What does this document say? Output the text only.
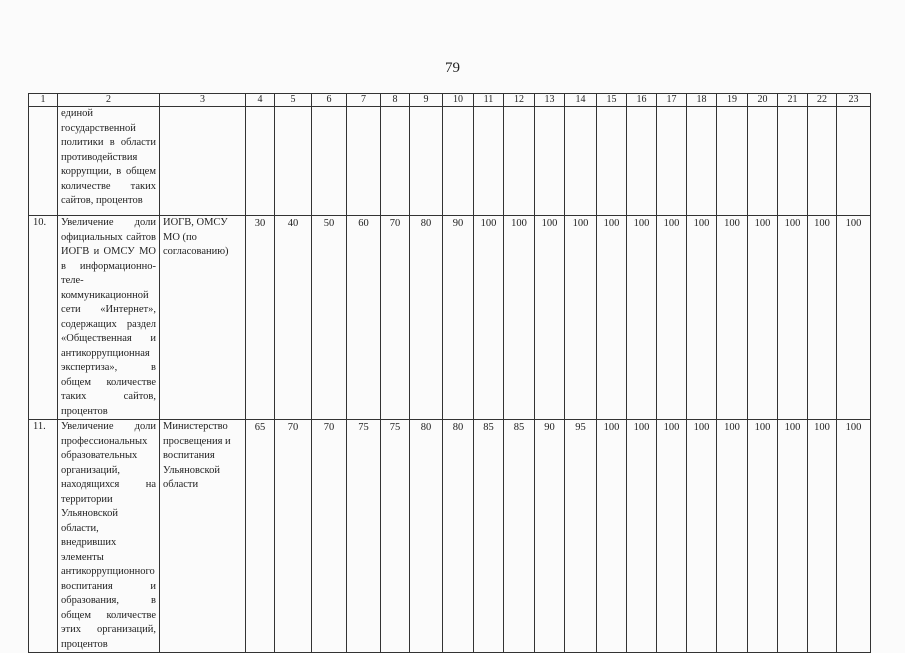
79
1	2	3	4	5	6	7	8	9	10	11	12	13	14	15	16	17	18	19	20	21	22	23
	единой государственной политики в области противодействия коррупции, в общем количестве таких сайтов, процентов																					
10.	Увеличение доли официальных сайтов ИОГВ и ОМСУ МО в информационно-теле-коммуникационной сети «Интернет», содержащих раздел «Общественная и антикоррупционная экспертиза», в общем количестве таких сайтов, процентов	ИОГВ, ОМСУ МО (по согласованию)	30	40	50	60	70	80	90	100	100	100	100	100	100	100	100	100	100	100	100	100
11.	Увеличение доли профессиональных образовательных организаций, находящихся на территории Ульяновской области, внедривших элементы антикоррупционного воспитания и образования, в общем количестве этих организаций, процентов	Министерство просвещения и воспитания Ульяновской области	65	70	70	75	75	80	80	85	85	90	95	100	100	100	100	100	100	100	100	100
